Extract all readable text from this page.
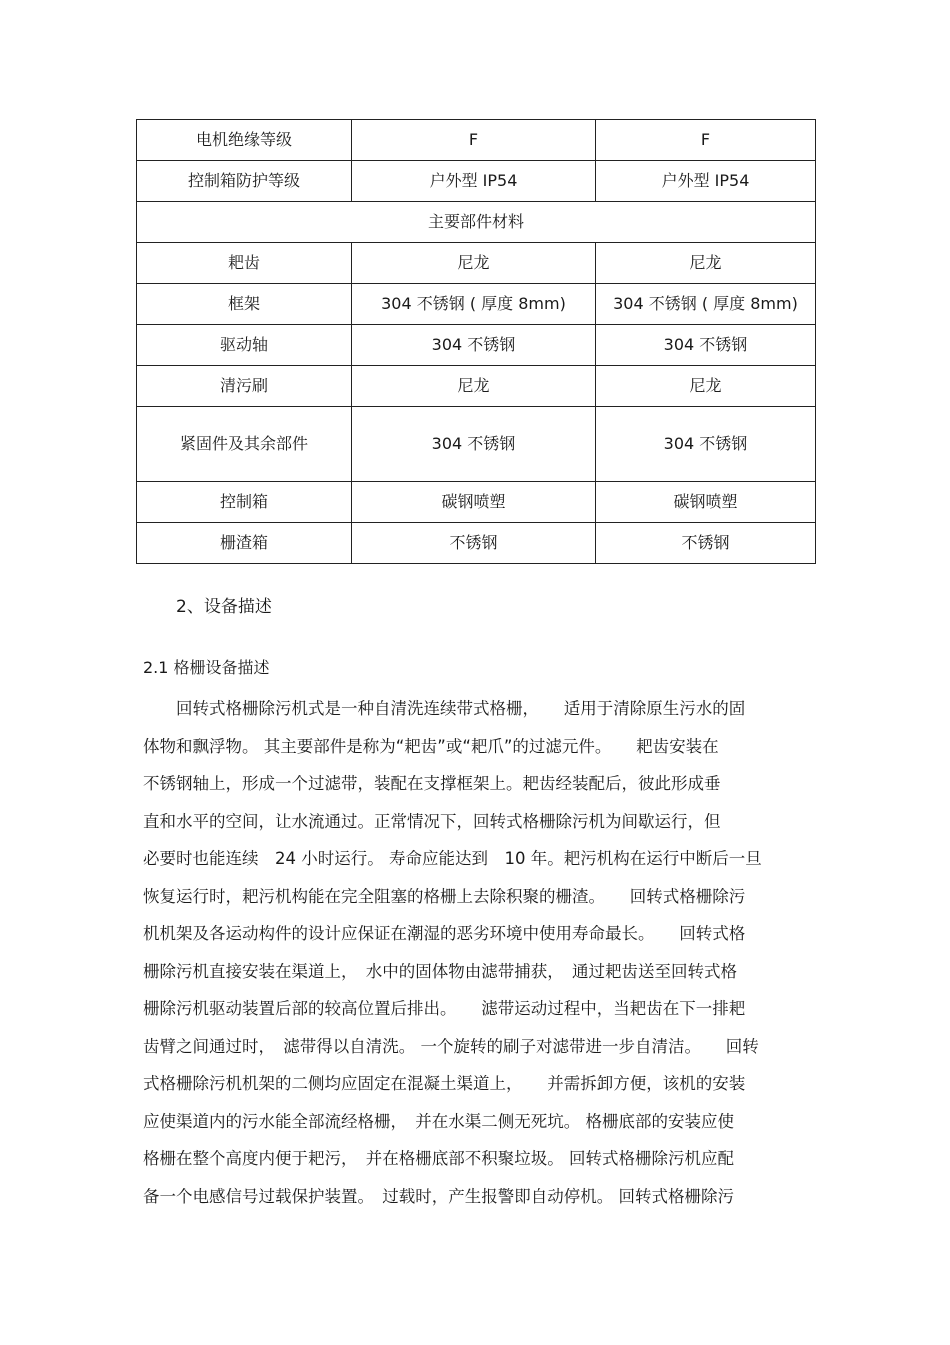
电机绝缘等级	F	F
控制箱防护等级	户外型 IP54	户外型 IP54
主要部件材料		
耙齿	尼龙	尼龙
框架	304 不锈钢 ( 厚度 8mm)	304 不锈钢 ( 厚度 8mm)
驱动轴	304 不锈钢	304 不锈钢
清污刷	尼龙	尼龙
紧固件及其余部件	304 不锈钢	304 不锈钢
控制箱	碳钢喷塑	碳钢喷塑
栅渣箱	不锈钢	不锈钢

2、设备描述

2.1 格栅设备描述

　　回转式格栅除污机式是一种自清洗连续带式格栅，　　适用于清除原生污水的固
体物和飘浮物。 其主要部件是称为“耙齿”或“耙爪”的过滤元件。　　耙齿安装在
不锈钢轴上，形成一个过滤带，装配在支撑框架上。耙齿经装配后，彼此形成垂
直和水平的空间，让水流通过。正常情况下，回转式格栅除污机为间歇运行，但
必要时也能连续　24 小时运行。 寿命应能达到　10 年。耙污机构在运行中断后一旦
恢复运行时，耙污机构能在完全阻塞的格栅上去除积聚的栅渣。　　回转式格栅除污
机机架及各运动构件的设计应保证在潮湿的恶劣环境中使用寿命最长。　　回转式格
栅除污机直接安装在渠道上，　水中的固体物由滤带捕获，　通过耙齿送至回转式格
栅除污机驱动装置后部的较高位置后排出。　　滤带运动过程中，当耙齿在下一排耙
齿臂之间通过时，　滤带得以自清洗。 一个旋转的刷子对滤带进一步自清洁。　　回转
式格栅除污机机架的二侧均应固定在混凝土渠道上，　　并需拆卸方便，该机的安装
应使渠道内的污水能全部流经格栅，　并在水渠二侧无死坑。 格栅底部的安装应使
格栅在整个高度内便于耙污，　并在格栅底部不积聚垃圾。 回转式格栅除污机应配
备一个电感信号过载保护装置。　过载时，产生报警即自动停机。 回转式格栅除污
